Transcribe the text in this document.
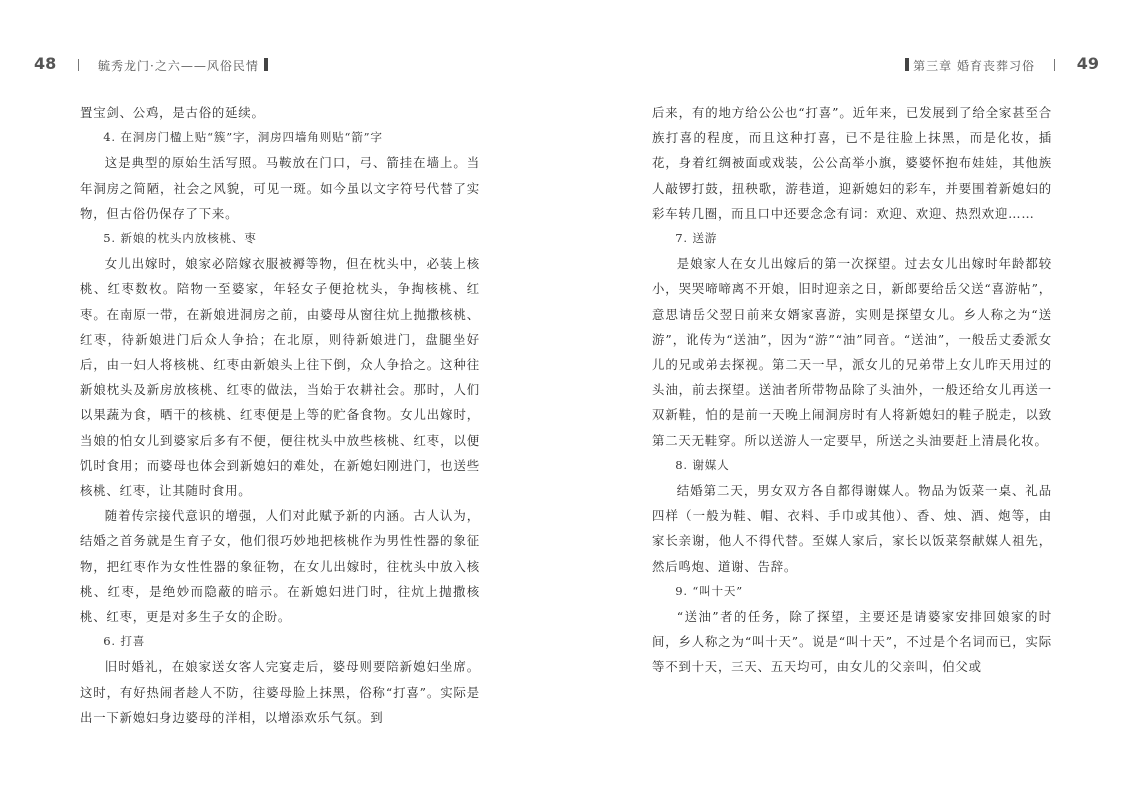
48	毓秀龙门·之六——风俗民情

置宝剑、公鸡，是古俗的延续。

4. 在洞房门楹上贴“簇”字，洞房四墙角则贴“箭”字

这是典型的原始生活写照。马鞍放在门口，弓、箭挂在墙上。当年洞房之简陋，社会之风貌，可见一斑。如今虽以文字符号代替了实物，但古俗仍保存了下来。

5. 新娘的枕头内放核桃、枣

女儿出嫁时，娘家必陪嫁衣服被褥等物，但在枕头中，必装上核桃、红枣数枚。陪物一至婆家，年轻女子便抢枕头，争掏核桃、红枣。在南原一带，在新娘进洞房之前，由婆母从窗往炕上抛撒核桃、红枣，待新娘进门后众人争拾；在北原，则待新娘进门，盘腿坐好后，由一妇人将核桃、红枣由新娘头上往下倒，众人争拾之。这种往新娘枕头及新房放核桃、红枣的做法，当始于农耕社会。那时，人们以果蔬为食，晒干的核桃、红枣便是上等的贮备食物。女儿出嫁时，当娘的怕女儿到婆家后多有不便，便往枕头中放些核桃、红枣，以便饥时食用；而婆母也体会到新媳妇的难处，在新媳妇刚进门，也送些核桃、红枣，让其随时食用。

随着传宗接代意识的增强，人们对此赋予新的内涵。古人认为，结婚之首务就是生育子女，他们很巧妙地把核桃作为男性性器的象征物，把红枣作为女性性器的象征物，在女儿出嫁时，往枕头中放入核桃、红枣，是绝妙而隐蔽的暗示。在新媳妇进门时，往炕上抛撒核桃、红枣，更是对多生子女的企盼。

6. 打喜

旧时婚礼，在娘家送女客人完宴走后，婆母则要陪新媳妇坐席。这时，有好热闹者趁人不防，往婆母脸上抹黑，俗称“打喜”。实际是出一下新媳妇身边婆母的洋相，以增添欢乐气氛。到

第三章 婚育丧葬习俗	49

后来，有的地方给公公也“打喜”。近年来，已发展到了给全家甚至合族打喜的程度，而且这种打喜，已不是往脸上抹黑，而是化妆，插花，身着红绸被面或戏装，公公高举小旗，婆婆怀抱布娃娃，其他族人敲锣打鼓，扭秧歌，游巷道，迎新媳妇的彩车，并要围着新媳妇的彩车转几圈，而且口中还要念念有词：欢迎、欢迎、热烈欢迎……

7. 送游

是娘家人在女儿出嫁后的第一次探望。过去女儿出嫁时年龄都较小，哭哭啼啼离不开娘，旧时迎亲之日，新郎要给岳父送“喜游帖”，意思请岳父翌日前来女婿家喜游，实则是探望女儿。乡人称之为“送游”，讹传为“送油”，因为“游”“油”同音。“送油”，一般岳丈委派女儿的兄或弟去探视。第二天一早，派女儿的兄弟带上女儿昨天用过的头油，前去探望。送油者所带物品除了头油外，一般还给女儿再送一双新鞋，怕的是前一天晚上闹洞房时有人将新媳妇的鞋子脱走，以致第二天无鞋穿。所以送游人一定要早，所送之头油要赶上清晨化妆。

8. 谢媒人

结婚第二天，男女双方各自都得谢媒人。物品为饭菜一桌、礼品四样（一般为鞋、帽、衣料、手巾或其他）、香、烛、酒、炮等，由家长亲谢，他人不得代替。至媒人家后，家长以饭菜祭献媒人祖先，然后鸣炮、道谢、告辞。

9. “叫十天”

“送油”者的任务，除了探望，主要还是请婆家安排回娘家的时间，乡人称之为“叫十天”。说是“叫十天”，不过是个名词而已，实际等不到十天，三天、五天均可，由女儿的父亲叫，伯父或
